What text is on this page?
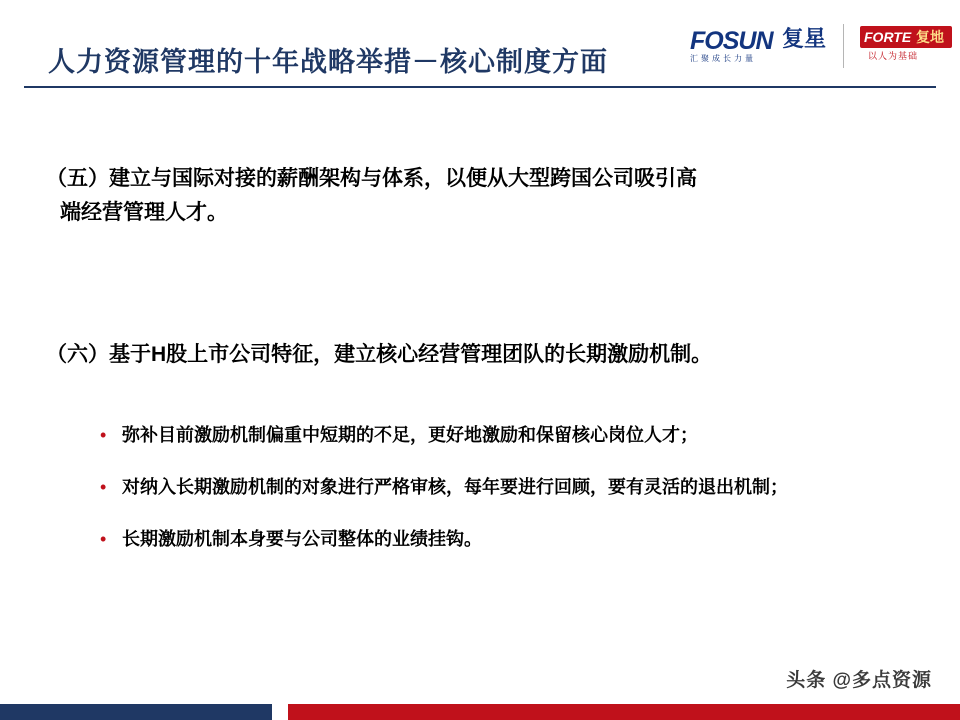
人力资源管理的十年战略举措－核心制度方面
FOSUN 复星
汇聚成长力量
FORTE 复地
以人为基础
（五）建立与国际对接的薪酬架构与体系，以便从大型跨国公司吸引高
端经营管理人才。
（六）基于H股上市公司特征，建立核心经营管理团队的长期激励机制。
• 弥补目前激励机制偏重中短期的不足，更好地激励和保留核心岗位人才；
• 对纳入长期激励机制的对象进行严格审核，每年要进行回顾，要有灵活的退出机制；
• 长期激励机制本身要与公司整体的业绩挂钩。
头条 @多点资源
